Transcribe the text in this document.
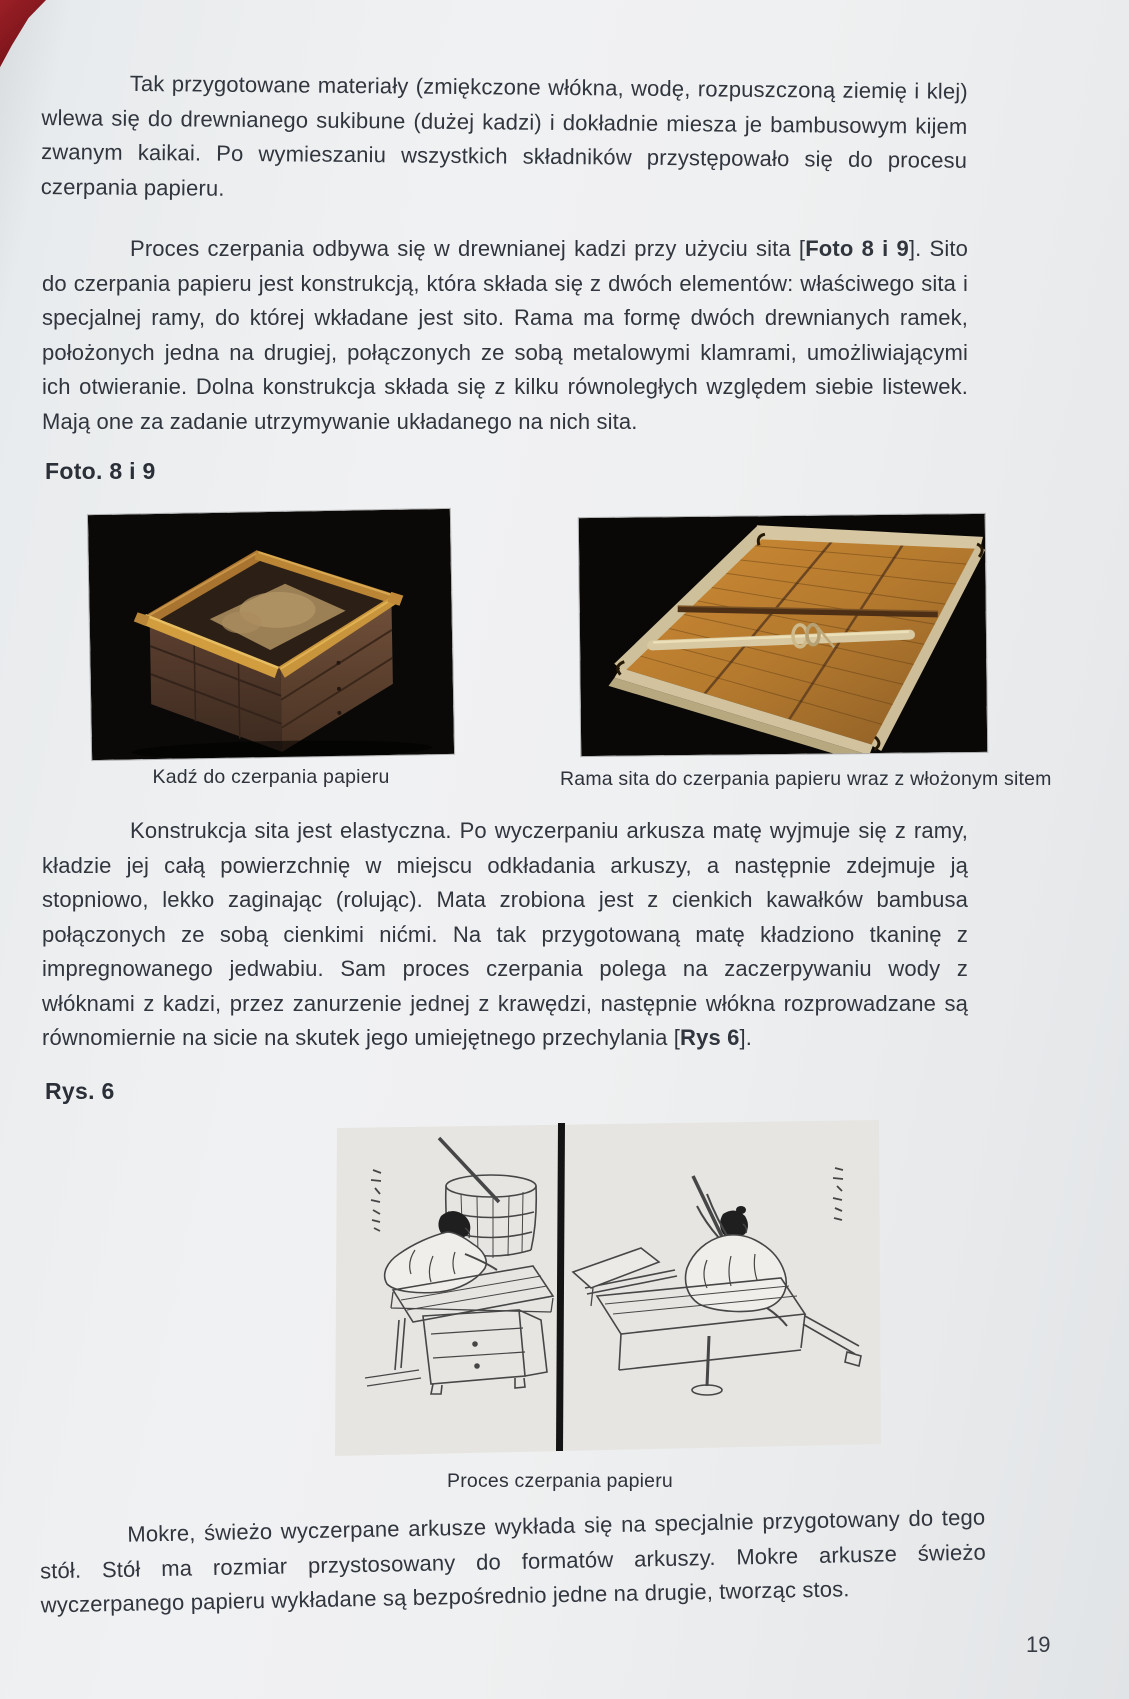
Tak przygotowane materiały (zmiękczone włókna, wodę, rozpuszczoną ziemię i klej) wlewa się do drewnianego sukibune (dużej kadzi) i dokładnie miesza je bambusowym kijem zwanym kaikai. Po wymieszaniu wszystkich składników przystępowało się do procesu czerpania papieru.

Proces czerpania odbywa się w drewnianej kadzi przy użyciu sita [Foto 8 i 9]. Sito do czerpania papieru jest konstrukcją, która składa się z dwóch elementów: właściwego sita i specjalnej ramy, do której wkładane jest sito. Rama ma formę dwóch drewnianych ramek, położonych jedna na drugiej, połączonych ze sobą metalowymi klamrami, umożliwiającymi ich otwieranie. Dolna konstrukcja składa się z kilku równoległych względem siebie listewek. Mają one za zadanie utrzymywanie układanego na nich sita.

Foto. 8 i 9
Kadź do czerpania papieru	Rama sita do czerpania papieru wraz z włożonym sitem

Konstrukcja sita jest elastyczna. Po wyczerpaniu arkusza matę wyjmuje się z ramy, kładzie jej całą powierzchnię w miejscu odkładania arkuszy, a następnie zdejmuje ją stopniowo, lekko zaginając (rolując). Mata zrobiona jest z cienkich kawałków bambusa połączonych ze sobą cienkimi nićmi. Na tak przygotowaną matę kładziono tkaninę z impregnowanego jedwabiu. Sam proces czerpania polega na zaczerpywaniu wody z włóknami z kadzi, przez zanurzenie jednej z krawędzi, następnie włókna rozprowadzane są równomiernie na sicie na skutek jego umiejętnego przechylania [Rys 6].

Rys. 6
Proces czerpania papieru

Mokre, świeżo wyczerpane arkusze wykłada się na specjalnie przygotowany do tego stół. Stół ma rozmiar przystosowany do formatów arkuszy. Mokre arkusze świeżo wyczerpanego papieru wykładane są bezpośrednio jedne na drugie, tworząc stos.

19
